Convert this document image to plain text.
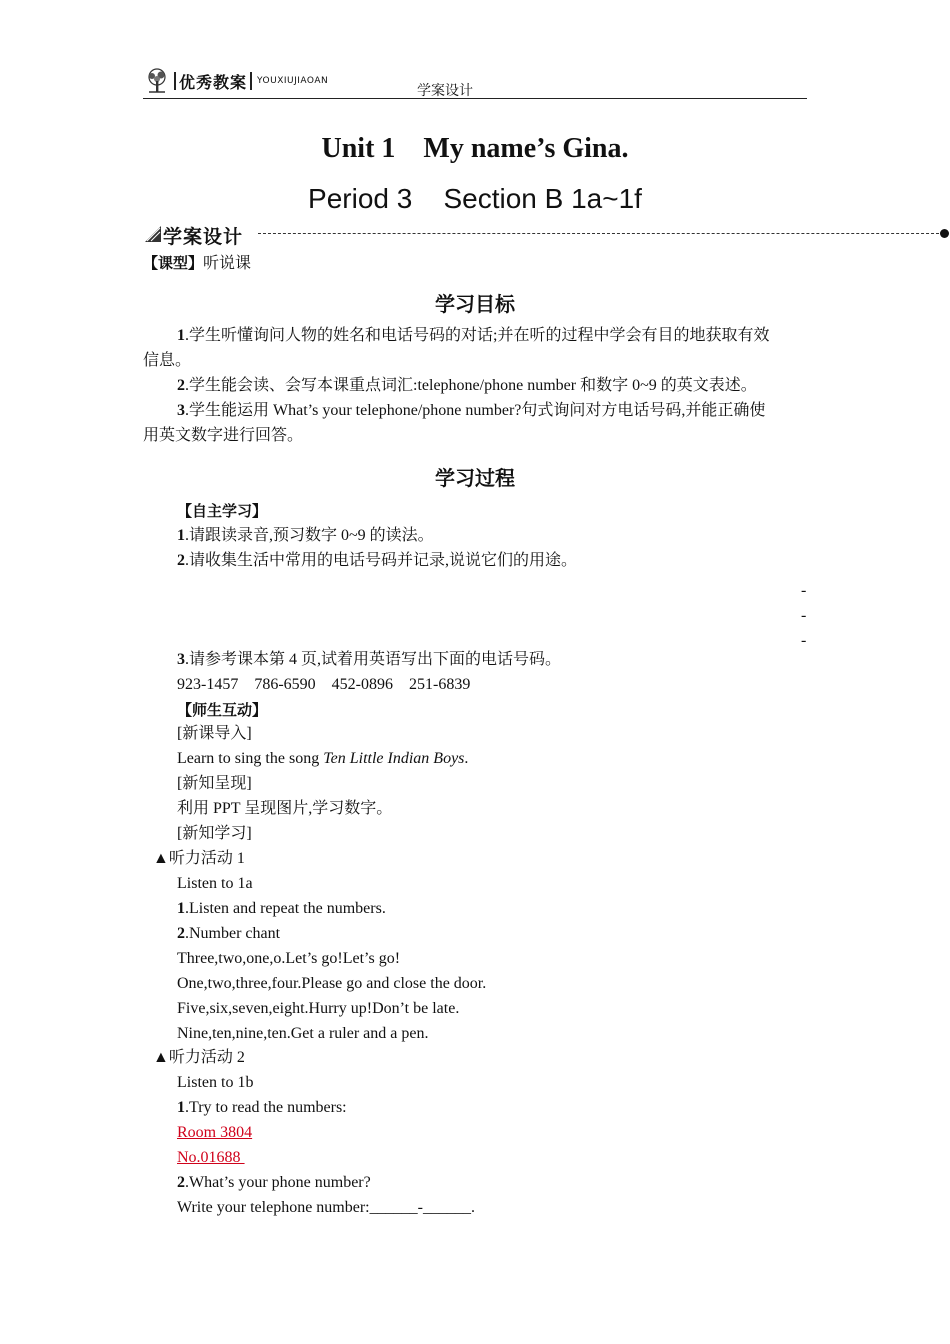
优秀教案 YOUXIUJIAOAN
学案设计
Unit 1    My name’s Gina.
Period 3    Section B 1a~1f
学案设计
【课型】听说课
学习目标
1.学生听懂询问人物的姓名和电话号码的对话;并在听的过程中学会有目的地获取有效
信息。
2.学生能会读、会写本课重点词汇:telephone/phone number 和数字 0~9 的英文表述。
3.学生能运用 What’s your telephone/phone number?句式询问对方电话号码,并能正确使
用英文数字进行回答。
学习过程
【自主学习】
1.请跟读录音,预习数字 0~9 的读法。
2.请收集生活中常用的电话号码并记录,说说它们的用途。
-
-
-
3.请参考课本第 4 页,试着用英语写出下面的电话号码。
923-1457    786-6590    452-0896    251-6839
【师生互动】
[新课导入]
Learn to sing the song Ten Little Indian Boys.
[新知呈现]
利用 PPT 呈现图片,学习数字。
[新知学习]
▲听力活动 1
Listen to 1a
1.Listen and repeat the numbers.
2.Number chant
Three,two,one,o.Let’s go!Let’s go!
One,two,three,four.Please go and close the door.
Five,six,seven,eight.Hurry up!Don’t be late.
Nine,ten,nine,ten.Get a ruler and a pen.
▲听力活动 2
Listen to 1b
1.Try to read the numbers:
Room 3804
No.01688
2.What’s your phone number?
Write your telephone number:______-______.
